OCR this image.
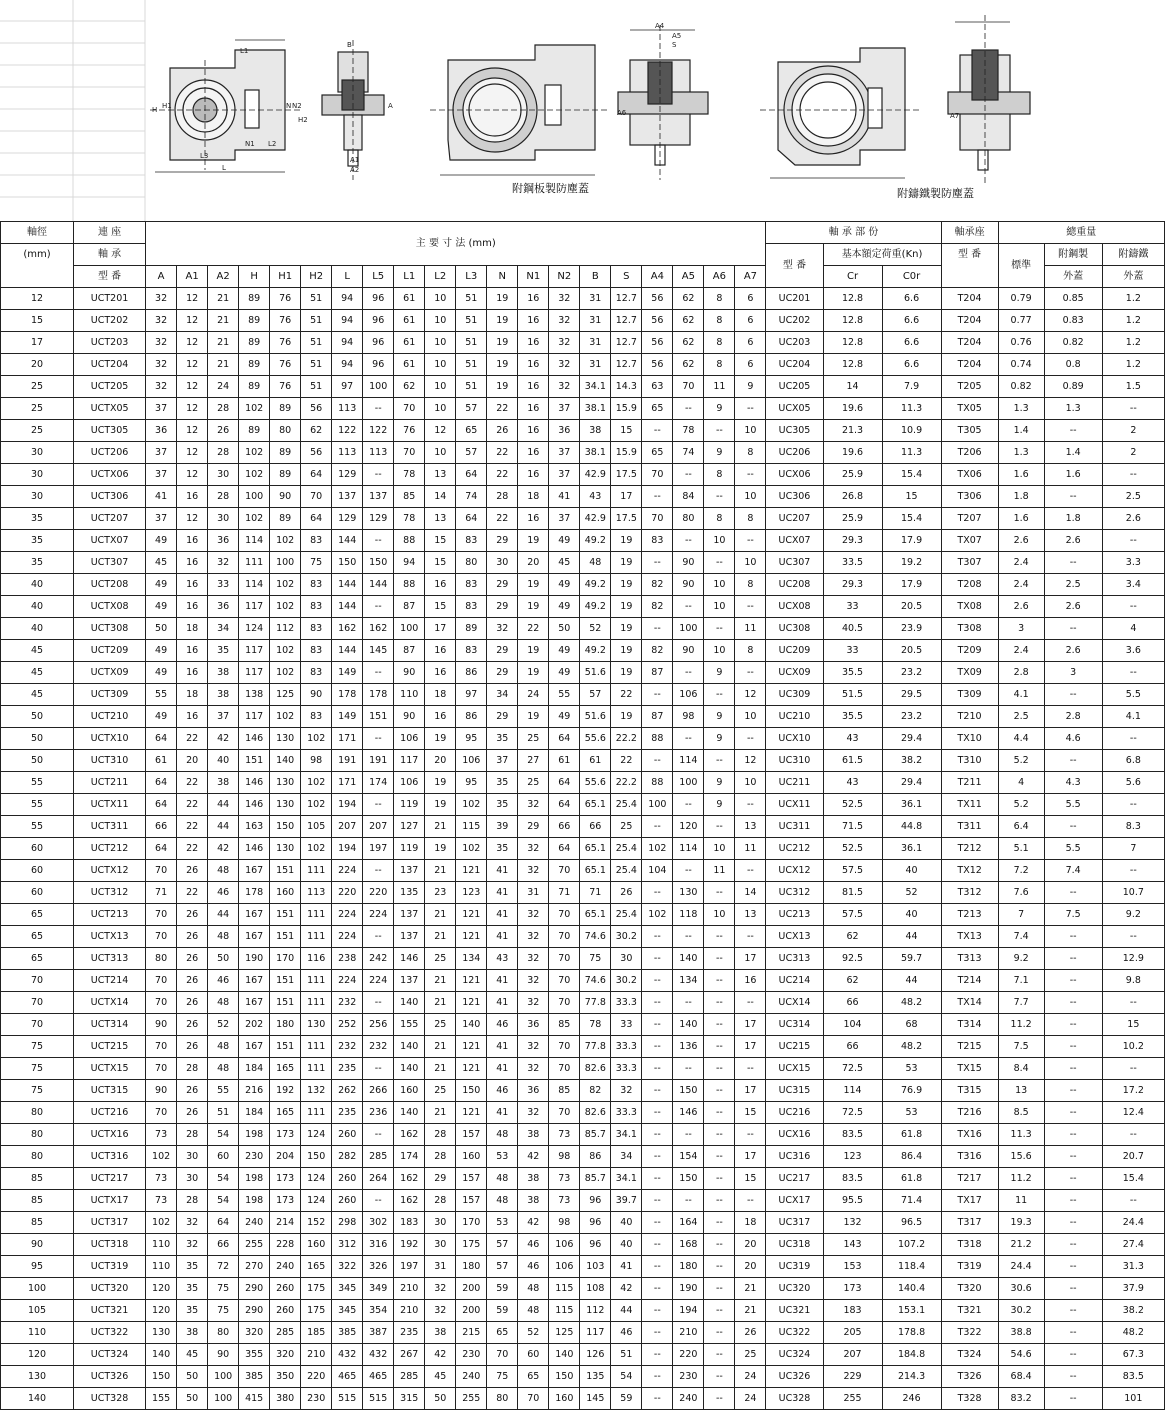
L1
B
H H1	N N2
H2
N1 L2
L3
L
A
A1
A2
S
A4
A5
A6	A7
附鋼板製防塵蓋	附鑄鐵製防塵蓋
軸徑	連 座	主 要 寸 法 (mm)																				軸 承 部 份			軸承座	總重量		
(mm)	軸 承																					型 番	基本額定荷重(Kn)		型 番	標準	附鋼製	附鑄鐵
	型 番	A	A1	A2	H	H1	H2	L	L5	L1	L2	L3	N	N1	N2	B	S	A4	A5	A6	A7		Cr	C0r			外蓋	外蓋
12	UCT201	32	12	21	89	76	51	94	96	61	10	51	19	16	32	31	12.7	56	62	8	6	UC201	12.8	6.6	T204	0.79	0.85	1.2
15	UCT202	32	12	21	89	76	51	94	96	61	10	51	19	16	32	31	12.7	56	62	8	6	UC202	12.8	6.6	T204	0.77	0.83	1.2
17	UCT203	32	12	21	89	76	51	94	96	61	10	51	19	16	32	31	12.7	56	62	8	6	UC203	12.8	6.6	T204	0.76	0.82	1.2
20	UCT204	32	12	21	89	76	51	94	96	61	10	51	19	16	32	31	12.7	56	62	8	6	UC204	12.8	6.6	T204	0.74	0.8	1.2
25	UCT205	32	12	24	89	76	51	97	100	62	10	51	19	16	32	34.1	14.3	63	70	11	9	UC205	14	7.9	T205	0.82	0.89	1.5
25	UCTX05	37	12	28	102	89	56	113	--	70	10	57	22	16	37	38.1	15.9	65	--	9	--	UCX05	19.6	11.3	TX05	1.3	1.3	--
25	UCT305	36	12	26	89	80	62	122	122	76	12	65	26	16	36	38	15	--	78	--	10	UC305	21.3	10.9	T305	1.4	--	2
30	UCT206	37	12	28	102	89	56	113	113	70	10	57	22	16	37	38.1	15.9	65	74	9	8	UC206	19.6	11.3	T206	1.3	1.4	2
30	UCTX06	37	12	30	102	89	64	129	--	78	13	64	22	16	37	42.9	17.5	70	--	8	--	UCX06	25.9	15.4	TX06	1.6	1.6	--
30	UCT306	41	16	28	100	90	70	137	137	85	14	74	28	18	41	43	17	--	84	--	10	UC306	26.8	15	T306	1.8	--	2.5
35	UCT207	37	12	30	102	89	64	129	129	78	13	64	22	16	37	42.9	17.5	70	80	8	8	UC207	25.9	15.4	T207	1.6	1.8	2.6
35	UCTX07	49	16	36	114	102	83	144	--	88	15	83	29	19	49	49.2	19	83	--	10	--	UCX07	29.3	17.9	TX07	2.6	2.6	--
35	UCT307	45	16	32	111	100	75	150	150	94	15	80	30	20	45	48	19	--	90	--	10	UC307	33.5	19.2	T307	2.4	--	3.3
40	UCT208	49	16	33	114	102	83	144	144	88	16	83	29	19	49	49.2	19	82	90	10	8	UC208	29.3	17.9	T208	2.4	2.5	3.4
40	UCTX08	49	16	36	117	102	83	144	--	87	15	83	29	19	49	49.2	19	82	--	10	--	UCX08	33	20.5	TX08	2.6	2.6	--
40	UCT308	50	18	34	124	112	83	162	162	100	17	89	32	22	50	52	19	--	100	--	11	UC308	40.5	23.9	T308	3	--	4
45	UCT209	49	16	35	117	102	83	144	145	87	16	83	29	19	49	49.2	19	82	90	10	8	UC209	33	20.5	T209	2.4	2.6	3.6
45	UCTX09	49	16	38	117	102	83	149	--	90	16	86	29	19	49	51.6	19	87	--	9	--	UCX09	35.5	23.2	TX09	2.8	3	--
45	UCT309	55	18	38	138	125	90	178	178	110	18	97	34	24	55	57	22	--	106	--	12	UC309	51.5	29.5	T309	4.1	--	5.5
50	UCT210	49	16	37	117	102	83	149	151	90	16	86	29	19	49	51.6	19	87	98	9	10	UC210	35.5	23.2	T210	2.5	2.8	4.1
50	UCTX10	64	22	42	146	130	102	171	--	106	19	95	35	25	64	55.6	22.2	88	--	9	--	UCX10	43	29.4	TX10	4.4	4.6	--
50	UCT310	61	20	40	151	140	98	191	191	117	20	106	37	27	61	61	22	--	114	--	12	UC310	61.5	38.2	T310	5.2	--	6.8
55	UCT211	64	22	38	146	130	102	171	174	106	19	95	35	25	64	55.6	22.2	88	100	9	10	UC211	43	29.4	T211	4	4.3	5.6
55	UCTX11	64	22	44	146	130	102	194	--	119	19	102	35	32	64	65.1	25.4	100	--	9	--	UCX11	52.5	36.1	TX11	5.2	5.5	--
55	UCT311	66	22	44	163	150	105	207	207	127	21	115	39	29	66	66	25	--	120	--	13	UC311	71.5	44.8	T311	6.4	--	8.3
60	UCT212	64	22	42	146	130	102	194	197	119	19	102	35	32	64	65.1	25.4	102	114	10	11	UC212	52.5	36.1	T212	5.1	5.5	7
60	UCTX12	70	26	48	167	151	111	224	--	137	21	121	41	32	70	65.1	25.4	104	--	11	--	UCX12	57.5	40	TX12	7.2	7.4	--
60	UCT312	71	22	46	178	160	113	220	220	135	23	123	41	31	71	71	26	--	130	--	14	UC312	81.5	52	T312	7.6	--	10.7
65	UCT213	70	26	44	167	151	111	224	224	137	21	121	41	32	70	65.1	25.4	102	118	10	13	UC213	57.5	40	T213	7	7.5	9.2
65	UCTX13	70	26	48	167	151	111	224	--	137	21	121	41	32	70	74.6	30.2	--	--	--	--	UCX13	62	44	TX13	7.4	--	--
65	UCT313	80	26	50	190	170	116	238	242	146	25	134	43	32	70	75	30	--	140	--	17	UC313	92.5	59.7	T313	9.2	--	12.9
70	UCT214	70	26	46	167	151	111	224	224	137	21	121	41	32	70	74.6	30.2	--	134	--	16	UC214	62	44	T214	7.1	--	9.8
70	UCTX14	70	26	48	167	151	111	232	--	140	21	121	41	32	70	77.8	33.3	--	--	--	--	UCX14	66	48.2	TX14	7.7	--	--
70	UCT314	90	26	52	202	180	130	252	256	155	25	140	46	36	85	78	33	--	140	--	17	UC314	104	68	T314	11.2	--	15
75	UCT215	70	26	48	167	151	111	232	232	140	21	121	41	32	70	77.8	33.3	--	136	--	17	UC215	66	48.2	T215	7.5	--	10.2
75	UCTX15	70	28	48	184	165	111	235	--	140	21	121	41	32	70	82.6	33.3	--	--	--	--	UCX15	72.5	53	TX15	8.4	--	--
75	UCT315	90	26	55	216	192	132	262	266	160	25	150	46	36	85	82	32	--	150	--	17	UC315	114	76.9	T315	13	--	17.2
80	UCT216	70	26	51	184	165	111	235	236	140	21	121	41	32	70	82.6	33.3	--	146	--	15	UC216	72.5	53	T216	8.5	--	12.4
80	UCTX16	73	28	54	198	173	124	260	--	162	28	157	48	38	73	85.7	34.1	--	--	--	--	UCX16	83.5	61.8	TX16	11.3	--	--
80	UCT316	102	30	60	230	204	150	282	285	174	28	160	53	42	98	86	34	--	154	--	17	UC316	123	86.4	T316	15.6	--	20.7
85	UCT217	73	30	54	198	173	124	260	264	162	29	157	48	38	73	85.7	34.1	--	150	--	15	UC217	83.5	61.8	T217	11.2	--	15.4
85	UCTX17	73	28	54	198	173	124	260	--	162	28	157	48	38	73	96	39.7	--	--	--	--	UCX17	95.5	71.4	TX17	11	--	--
85	UCT317	102	32	64	240	214	152	298	302	183	30	170	53	42	98	96	40	--	164	--	18	UC317	132	96.5	T317	19.3	--	24.4
90	UCT318	110	32	66	255	228	160	312	316	192	30	175	57	46	106	96	40	--	168	--	20	UC318	143	107.2	T318	21.2	--	27.4
95	UCT319	110	35	72	270	240	165	322	326	197	31	180	57	46	106	103	41	--	180	--	20	UC319	153	118.4	T319	24.4	--	31.3
100	UCT320	120	35	75	290	260	175	345	349	210	32	200	59	48	115	108	42	--	190	--	21	UC320	173	140.4	T320	30.6	--	37.9
105	UCT321	120	35	75	290	260	175	345	354	210	32	200	59	48	115	112	44	--	194	--	21	UC321	183	153.1	T321	30.2	--	38.2
110	UCT322	130	38	80	320	285	185	385	387	235	38	215	65	52	125	117	46	--	210	--	26	UC322	205	178.8	T322	38.8	--	48.2
120	UCT324	140	45	90	355	320	210	432	432	267	42	230	70	60	140	126	51	--	220	--	25	UC324	207	184.8	T324	54.6	--	67.3
130	UCT326	150	50	100	385	350	220	465	465	285	45	240	75	65	150	135	54	--	230	--	24	UC326	229	214.3	T326	68.4	--	83.5
140	UCT328	155	50	100	415	380	230	515	515	315	50	255	80	70	160	145	59	--	240	--	24	UC328	255	246	T328	83.2	--	101
